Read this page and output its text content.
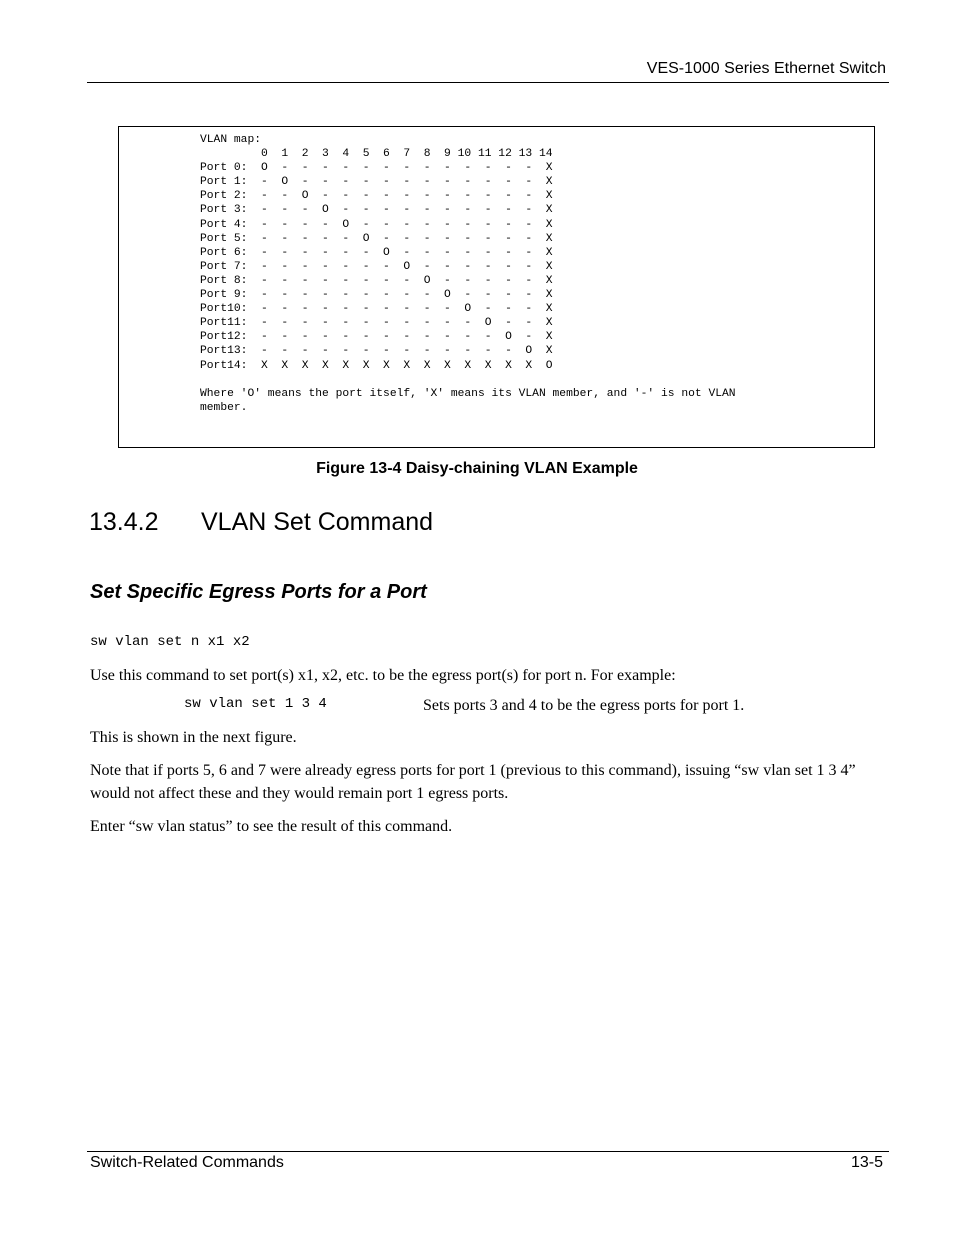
VES-1000 Series Ethernet Switch
VLAN map:
0  1  2  3  4  5  6  7  8  9 10 11 12 13 14
Port 0:  O  -  -  -  -  -  -  -  -  -  -  -  -  -  X
Port 1:  -  O  -  -  -  -  -  -  -  -  -  -  -  -  X
Port 2:  -  -  O  -  -  -  -  -  -  -  -  -  -  -  X
Port 3:  -  -  -  O  -  -  -  -  -  -  -  -  -  -  X
Port 4:  -  -  -  -  O  -  -  -  -  -  -  -  -  -  X
Port 5:  -  -  -  -  -  O  -  -  -  -  -  -  -  -  X
Port 6:  -  -  -  -  -  -  O  -  -  -  -  -  -  -  X
Port 7:  -  -  -  -  -  -  -  O  -  -  -  -  -  -  X
Port 8:  -  -  -  -  -  -  -  -  O  -  -  -  -  -  X
Port 9:  -  -  -  -  -  -  -  -  -  O  -  -  -  -  X
Port10:  -  -  -  -  -  -  -  -  -  -  O  -  -  -  X
Port11:  -  -  -  -  -  -  -  -  -  -  -  O  -  -  X
Port12:  -  -  -  -  -  -  -  -  -  -  -  -  O  -  X
Port13:  -  -  -  -  -  -  -  -  -  -  -  -  -  O  X
Port14:  X  X  X  X  X  X  X  X  X  X  X  X  X  X  O

Where 'O' means the port itself, 'X' means its VLAN member, and '-' is not VLAN
member.
Figure 13-4 Daisy-chaining VLAN Example
13.4.2 VLAN Set Command
Set Specific Egress Ports for a Port
sw vlan set n x1 x2
Use this command to set port(s) x1, x2, etc. to be the egress port(s) for port n. For example:
sw vlan set 1 3 4	Sets ports 3 and 4 to be the egress ports for port 1.
This is shown in the next figure.
Note that if ports 5, 6 and 7 were already egress ports for port 1 (previous to this command), issuing “sw vlan set 1 3 4” would not affect these and they would remain port 1 egress ports.
Enter “sw vlan status” to see the result of this command.
Switch-Related Commands	13-5
